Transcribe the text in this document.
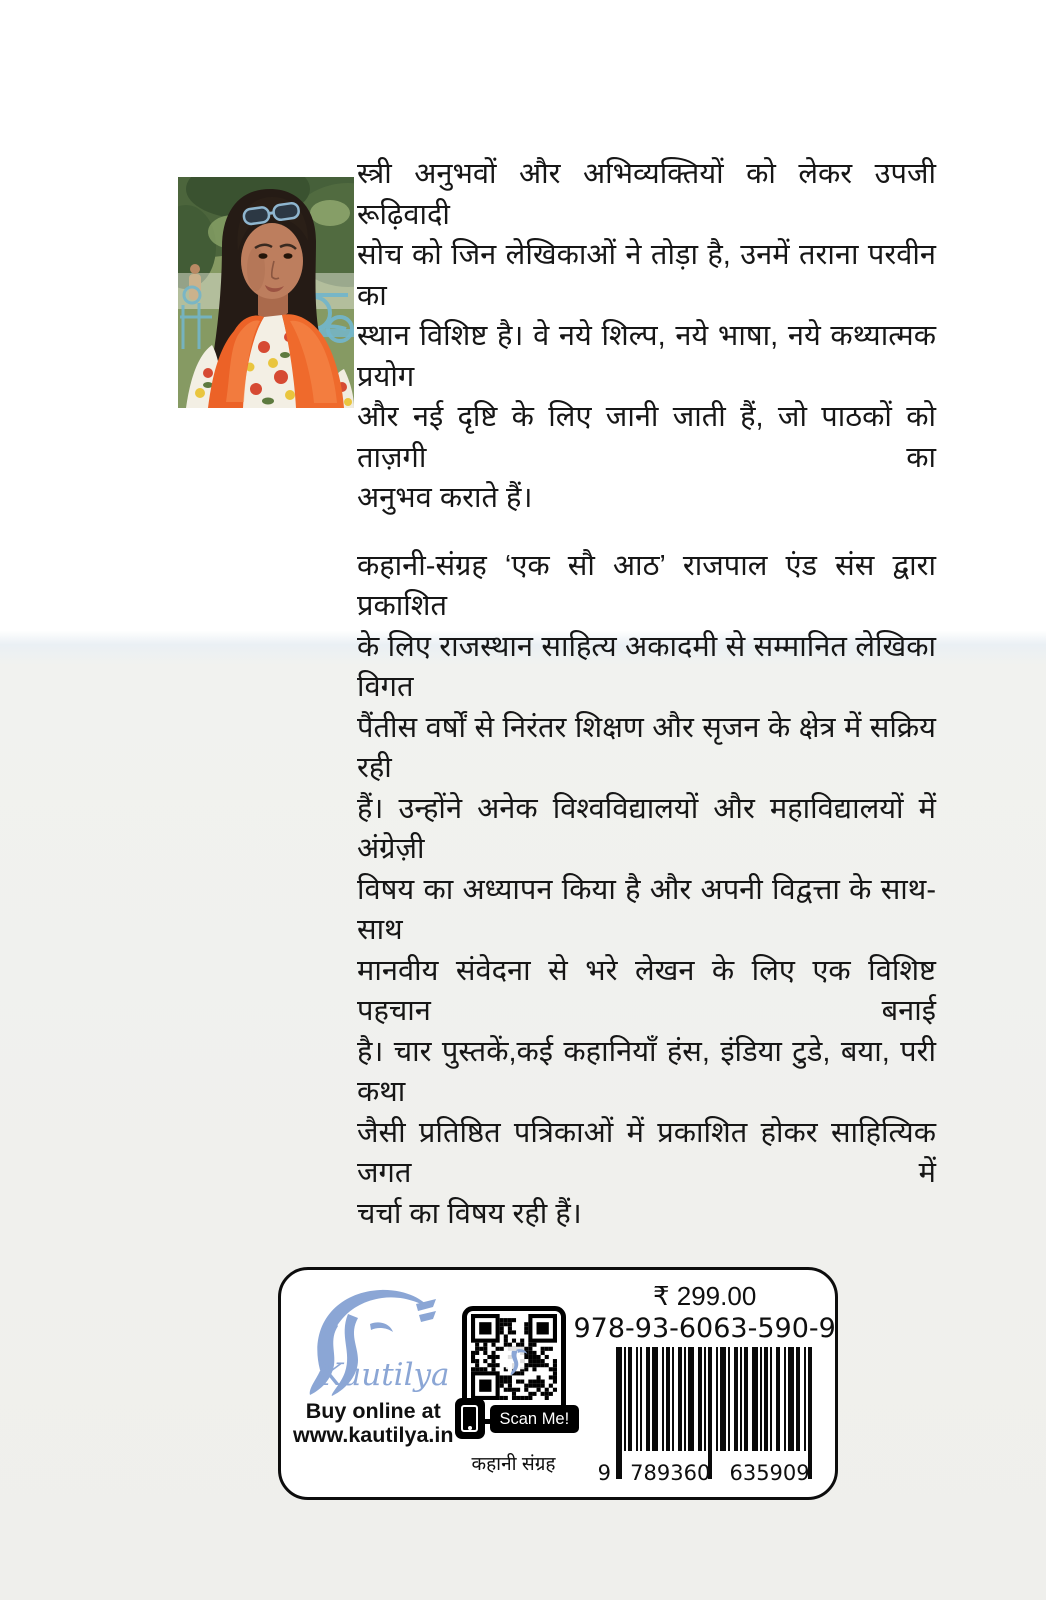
स्त्री अनुभवों और अभिव्यक्तियों को लेकर उपजी रूढ़िवादी
सोच को जिन लेखिकाओं ने तोड़ा है, उनमें तराना परवीन का
स्थान विशिष्ट है। वे नये शिल्प, नये भाषा, नये कथ्यात्मक प्रयोग
और नई दृष्टि के लिए जानी जाती हैं, जो पाठकों को ताज़गी का
अनुभव कराते हैं।
कहानी-संग्रह ‘एक सौ आठ’ राजपाल एंड संस द्वारा प्रकाशित
के लिए राजस्थान साहित्य अकादमी से सम्मानित लेखिका विगत
पैंतीस वर्षों से निरंतर शिक्षण और सृजन के क्षेत्र में सक्रिय रही
हैं। उन्होंने अनेक विश्वविद्यालयों और महाविद्यालयों में अंग्रेज़ी
विषय का अध्यापन किया है और अपनी विद्वत्ता के साथ-साथ
मानवीय संवेदना से भरे लेखन के लिए एक विशिष्ट पहचान बनाई
है। चार पुस्तकें,कई कहानियाँ हंस, इंडिया टुडे, बया, परी कथा
जैसी प्रतिष्ठित पत्रिकाओं में प्रकाशित होकर साहित्यिक जगत में
चर्चा का विषय रही हैं।
Kautilya
Buy online at
www.kautilya.in
Scan Me!
कहानी संग्रह
₹ 299.00
978-93-6063-590-9
9 789360 635909
